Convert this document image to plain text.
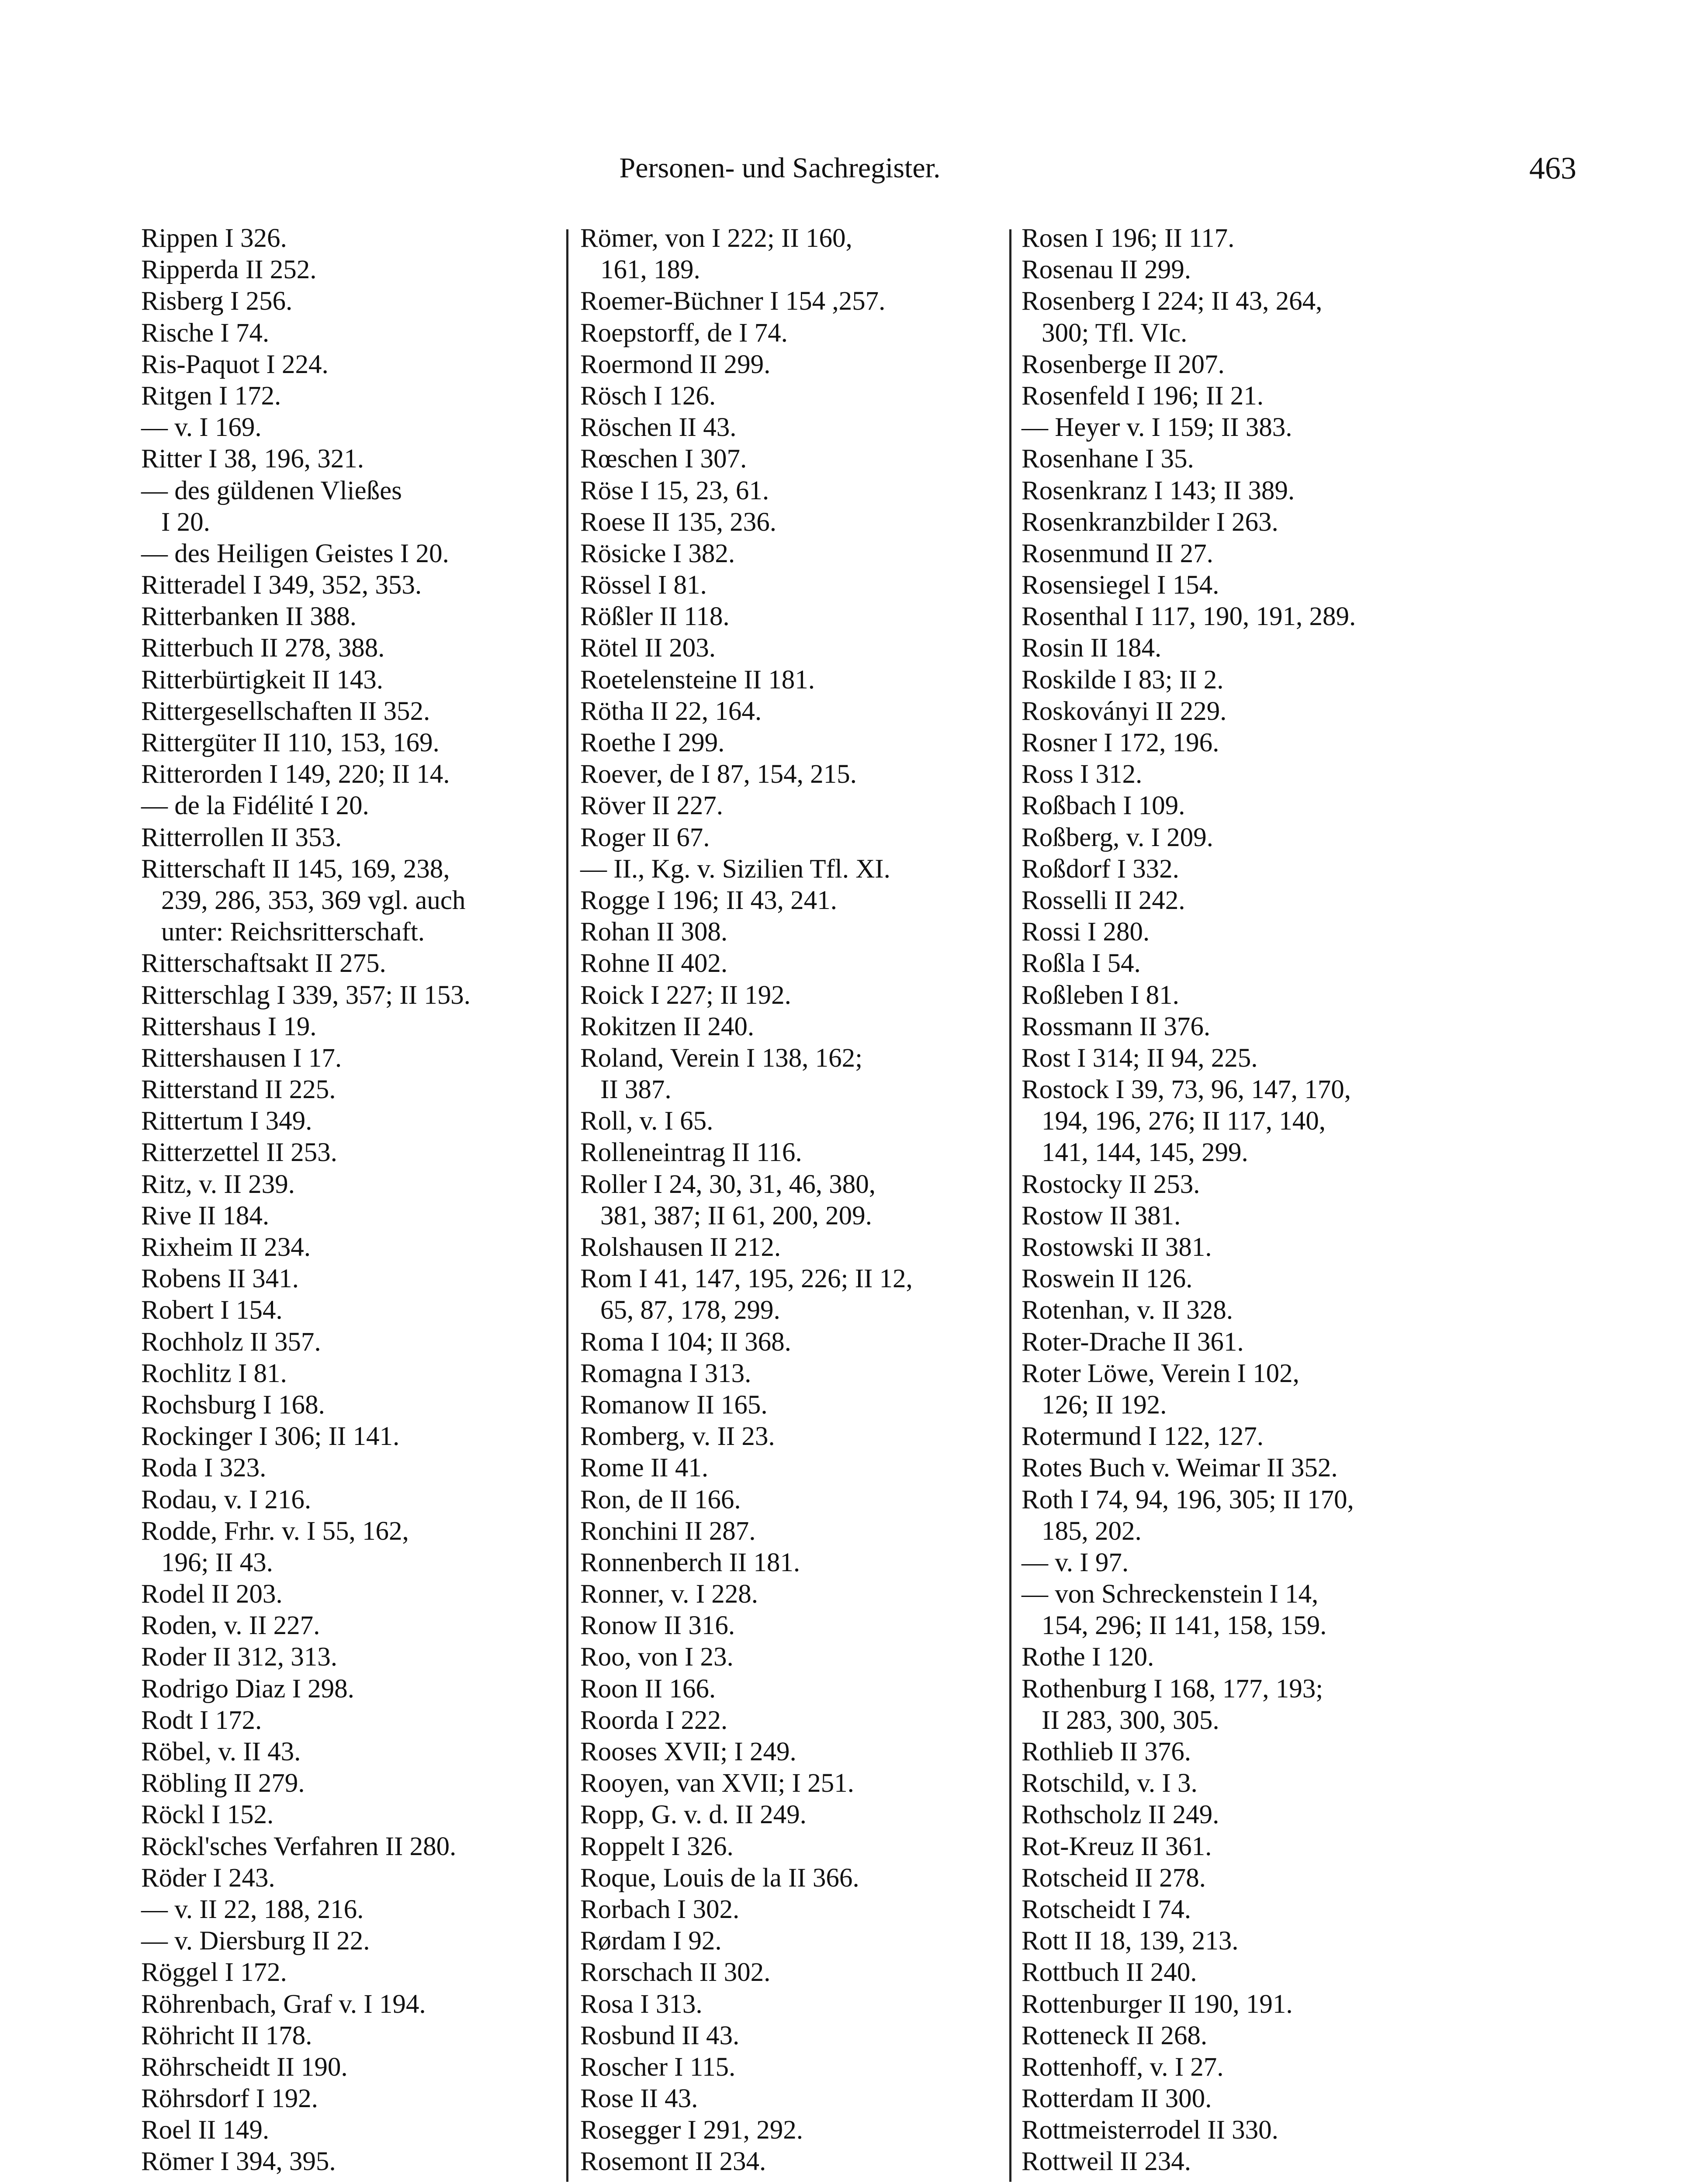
Personen- und Sachregister.	463
Rippen I 326.
Ripperda II 252.
Risberg I 256.
Rische I 74.
Ris-Paquot I 224.
Ritgen I 172.
— v. I 169.
Ritter I 38, 196, 321.
— des güldenen Vließes
I 20.
— des Heiligen Geistes I 20.
Ritteradel I 349, 352, 353.
Ritterbanken II 388.
Ritterbuch II 278, 388.
Ritterbürtigkeit II 143.
Rittergesellschaften II 352.
Rittergüter II 110, 153, 169.
Ritterorden I 149, 220; II 14.
— de la Fidélité I 20.
Ritterrollen II 353.
Ritterschaft II 145, 169, 238,
239, 286, 353, 369 vgl. auch
unter: Reichsritterschaft.
Ritterschaftsakt II 275.
Ritterschlag I 339, 357; II 153.
Rittershaus I 19.
Rittershausen I 17.
Ritterstand II 225.
Rittertum I 349.
Ritterzettel II 253.
Ritz, v. II 239.
Rive II 184.
Rixheim II 234.
Robens II 341.
Robert I 154.
Rochholz II 357.
Rochlitz I 81.
Rochsburg I 168.
Rockinger I 306; II 141.
Roda I 323.
Rodau, v. I 216.
Rodde, Frhr. v. I 55, 162,
196; II 43.
Rodel II 203.
Roden, v. II 227.
Roder II 312, 313.
Rodrigo Diaz I 298.
Rodt I 172.
Röbel, v. II 43.
Röbling II 279.
Röckl I 152.
Röckl'sches Verfahren II 280.
Röder I 243.
— v. II 22, 188, 216.
— v. Diersburg II 22.
Röggel I 172.
Röhrenbach, Graf v. I 194.
Röhricht II 178.
Röhrscheidt II 190.
Röhrsdorf I 192.
Roel II 149.
Römer I 394, 395.
Römer, von I 222; II 160,
161, 189.
Roemer-Büchner I 154 ,257.
Roepstorff, de I 74.
Roermond II 299.
Rösch I 126.
Röschen II 43.
Rœschen I 307.
Röse I 15, 23, 61.
Roese II 135, 236.
Rösicke I 382.
Rössel I 81.
Rößler II 118.
Rötel II 203.
Roetelensteine II 181.
Rötha II 22, 164.
Roethe I 299.
Roever, de I 87, 154, 215.
Röver II 227.
Roger II 67.
— II., Kg. v. Sizilien Tfl. XI.
Rogge I 196; II 43, 241.
Rohan II 308.
Rohne II 402.
Roick I 227; II 192.
Rokitzen II 240.
Roland, Verein I 138, 162;
II 387.
Roll, v. I 65.
Rolleneintrag II 116.
Roller I 24, 30, 31, 46, 380,
381, 387; II 61, 200, 209.
Rolshausen II 212.
Rom I 41, 147, 195, 226; II 12,
65, 87, 178, 299.
Roma I 104; II 368.
Romagna I 313.
Romanow II 165.
Romberg, v. II 23.
Rome II 41.
Ron, de II 166.
Ronchini II 287.
Ronnenberch II 181.
Ronner, v. I 228.
Ronow II 316.
Roo, von I 23.
Roon II 166.
Roorda I 222.
Rooses XVII; I 249.
Rooyen, van XVII; I 251.
Ropp, G. v. d. II 249.
Roppelt I 326.
Roque, Louis de la II 366.
Rorbach I 302.
Rørdam I 92.
Rorschach II 302.
Rosa I 313.
Rosbund II 43.
Roscher I 115.
Rose II 43.
Rosegger I 291, 292.
Rosemont II 234.
Rosen I 196; II 117.
Rosenau II 299.
Rosenberg I 224; II 43, 264,
300; Tfl. VIc.
Rosenberge II 207.
Rosenfeld I 196; II 21.
— Heyer v. I 159; II 383.
Rosenhane I 35.
Rosenkranz I 143; II 389.
Rosenkranzbilder I 263.
Rosenmund II 27.
Rosensiegel I 154.
Rosenthal I 117, 190, 191, 289.
Rosin II 184.
Roskilde I 83; II 2.
Roskoványi II 229.
Rosner I 172, 196.
Ross I 312.
Roßbach I 109.
Roßberg, v. I 209.
Roßdorf I 332.
Rosselli II 242.
Rossi I 280.
Roßla I 54.
Roßleben I 81.
Rossmann II 376.
Rost I 314; II 94, 225.
Rostock I 39, 73, 96, 147, 170,
194, 196, 276; II 117, 140,
141, 144, 145, 299.
Rostocky II 253.
Rostow II 381.
Rostowski II 381.
Roswein II 126.
Rotenhan, v. II 328.
Roter-Drache II 361.
Roter Löwe, Verein I 102,
126; II 192.
Rotermund I 122, 127.
Rotes Buch v. Weimar II 352.
Roth I 74, 94, 196, 305; II 170,
185, 202.
— v. I 97.
— von Schreckenstein I 14,
154, 296; II 141, 158, 159.
Rothe I 120.
Rothenburg I 168, 177, 193;
II 283, 300, 305.
Rothlieb II 376.
Rotschild, v. I 3.
Rothscholz II 249.
Rot-Kreuz II 361.
Rotscheid II 278.
Rotscheidt I 74.
Rott II 18, 139, 213.
Rottbuch II 240.
Rottenburger II 190, 191.
Rotteneck II 268.
Rottenhoff, v. I 27.
Rotterdam II 300.
Rottmeisterrodel II 330.
Rottweil II 234.
